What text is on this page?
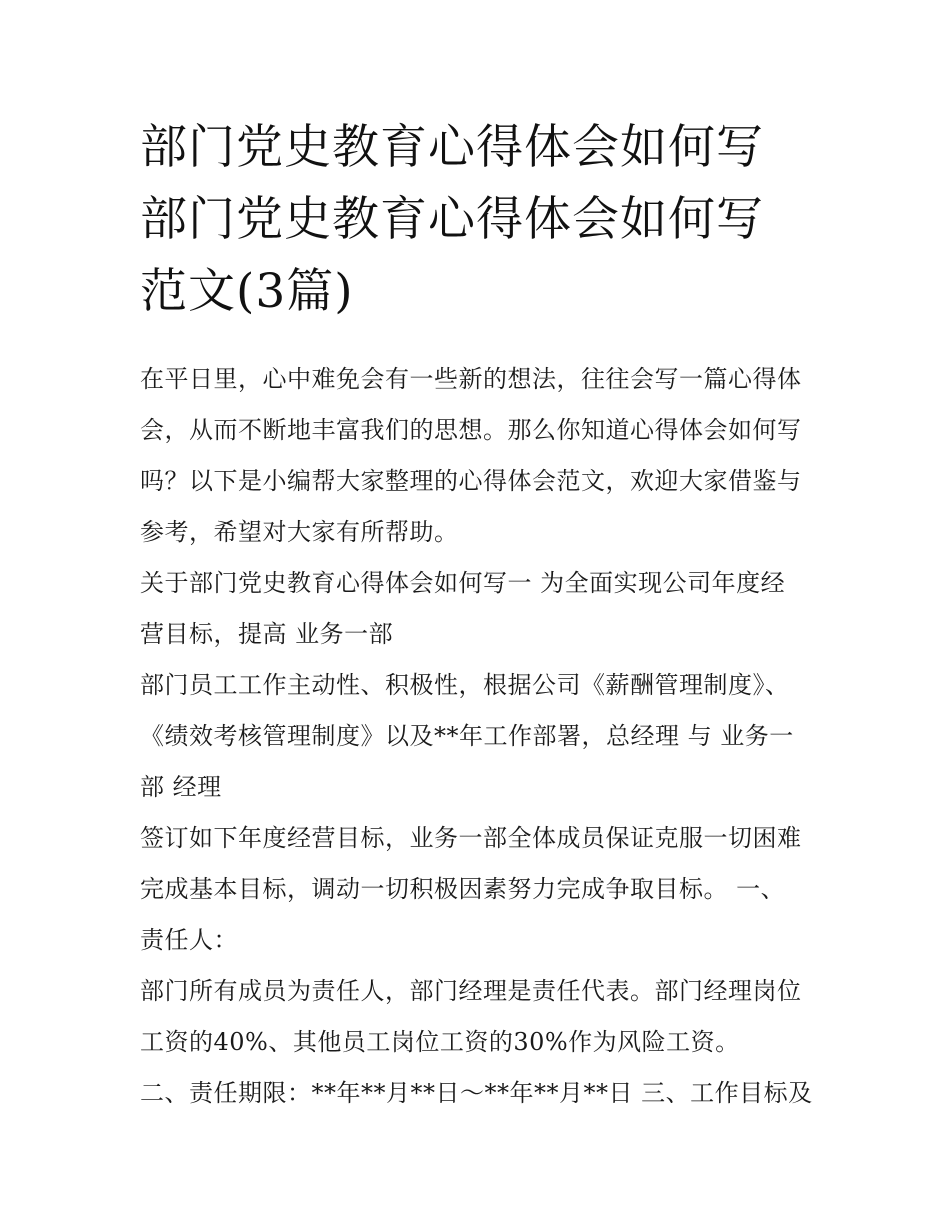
部门党史教育心得体会如何写
部门党史教育心得体会如何写
范文(3篇)
在平日里，心中难免会有一些新的想法，往往会写一篇心得体
会，从而不断地丰富我们的思想。那么你知道心得体会如何写
吗？以下是小编帮大家整理的心得体会范文，欢迎大家借鉴与
参考，希望对大家有所帮助。
关于部门党史教育心得体会如何写一 为全面实现公司年度经
营目标，提高 业务一部
部门员工工作主动性、积极性，根据公司《薪酬管理制度》、
《绩效考核管理制度》以及**年工作部署，总经理 与 业务一
部 经理
签订如下年度经营目标，业务一部全体成员保证克服一切困难
完成基本目标，调动一切积极因素努力完成争取目标。 一、
责任人：
部门所有成员为责任人，部门经理是责任代表。部门经理岗位
工资的40%、其他员工岗位工资的30%作为风险工资。
二、责任期限：**年**月**日～**年**月**日 三、工作目标及
